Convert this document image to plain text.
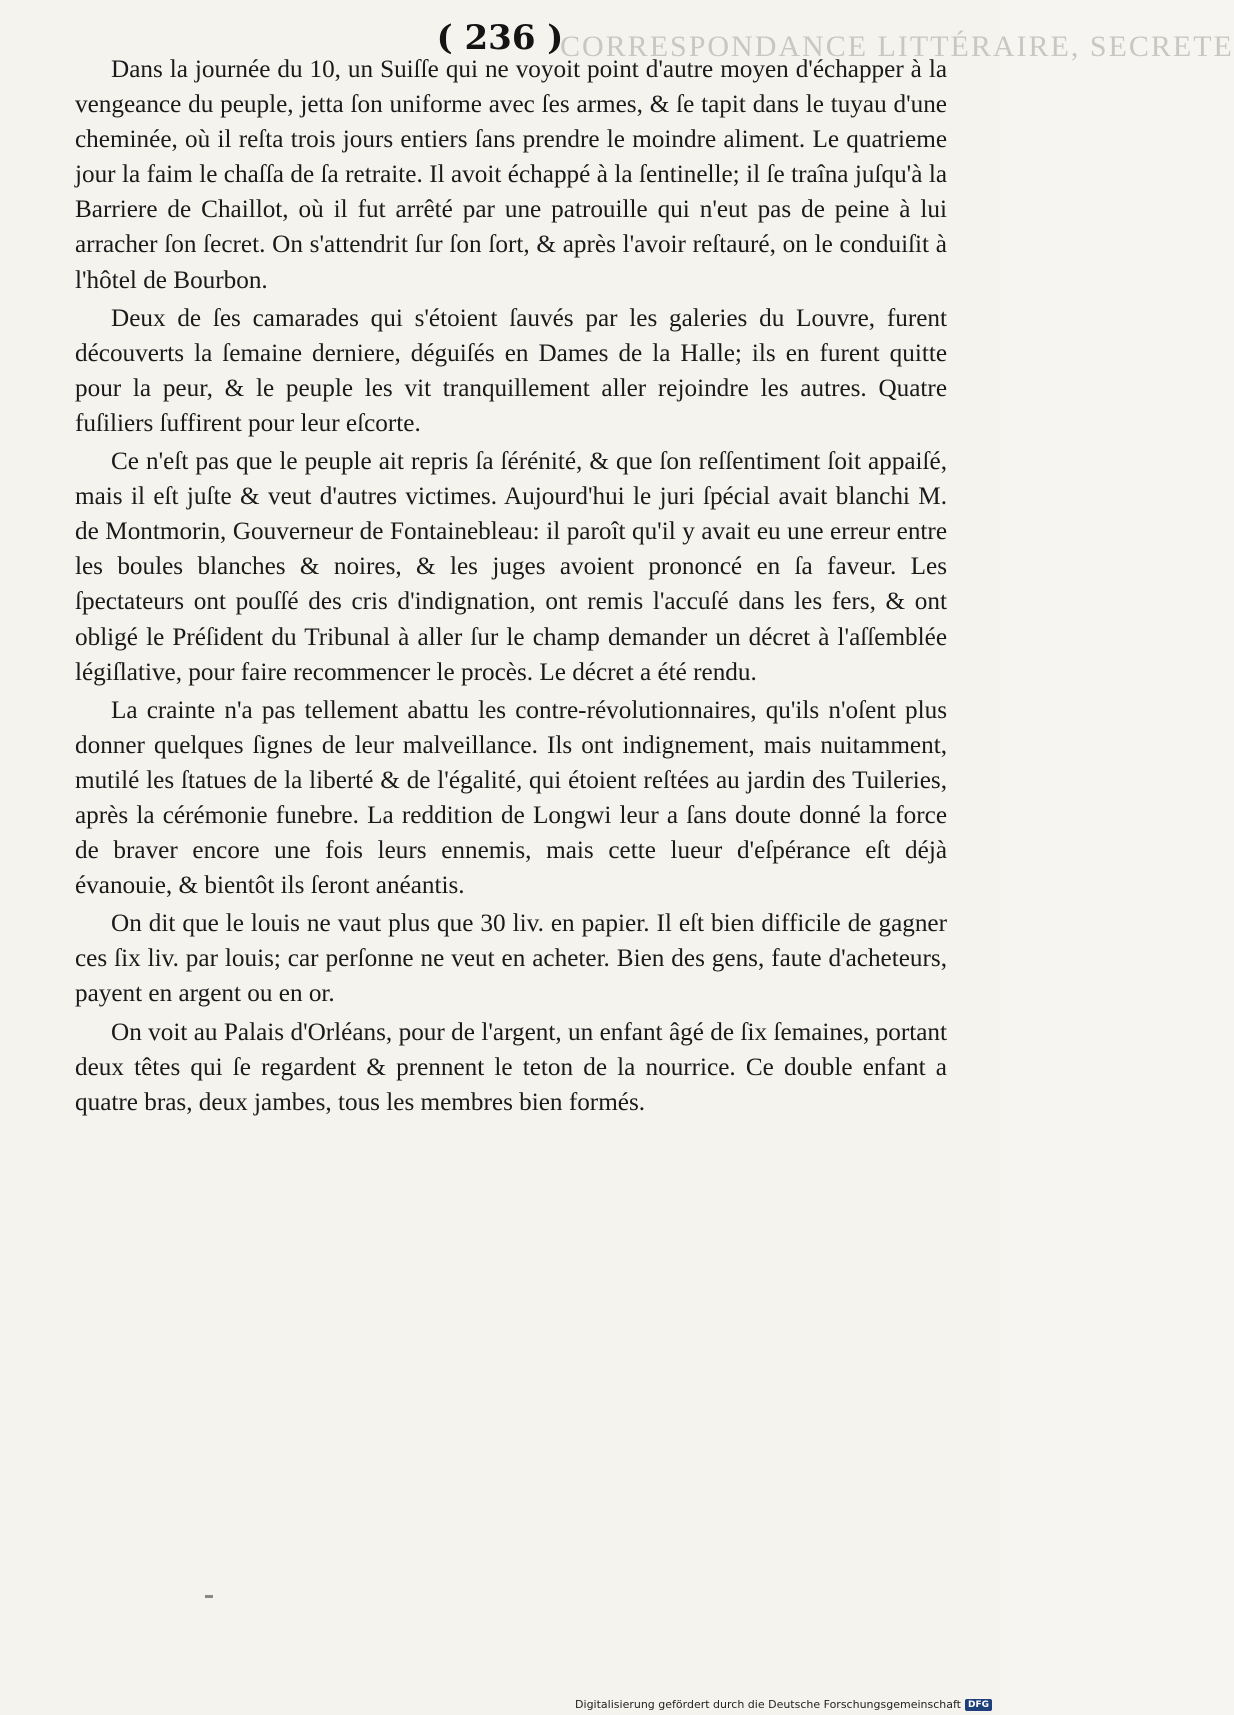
CORRESPONDANCE LITTÉRAIRE, SECRETE
( 236 )

Dans la journée du 10, un Suiſſe qui ne voyoit point d'autre moyen d'échapper à la vengeance du peuple, jetta ſon uniforme avec ſes armes, & ſe tapit dans le tuyau d'une cheminée, où il reſta trois jours entiers ſans prendre le moindre aliment. Le quatrieme jour la faim le chaſſa de ſa retraite. Il avoit échappé à la ſentinelle; il ſe traîna juſqu'à la Barriere de Chaillot, où il fut arrêté par une patrouille qui n'eut pas de peine à lui arracher ſon ſecret. On s'attendrit ſur ſon ſort, & après l'avoir reſtauré, on le conduiſit à l'hôtel de Bourbon.

Deux de ſes camarades qui s'étoient ſauvés par les galeries du Louvre, furent découverts la ſemaine derniere, déguiſés en Dames de la Halle; ils en furent quitte pour la peur, & le peuple les vit tranquillement aller rejoindre les autres. Quatre fuſiliers ſuffirent pour leur eſcorte.

Ce n'eſt pas que le peuple ait repris ſa ſérénité, & que ſon reſſentiment ſoit appaiſé, mais il eſt juſte & veut d'autres victimes. Aujourd'hui le juri ſpécial avait blanchi M. de Montmorin, Gouverneur de Fontainebleau: il paroît qu'il y avait eu une erreur entre les boules blanches & noires, & les juges avoient prononcé en ſa faveur. Les ſpectateurs ont pouſſé des cris d'indignation, ont remis l'accuſé dans les fers, & ont obligé le Préſident du Tribunal à aller ſur le champ demander un décret à l'aſſemblée légiſlative, pour faire recommencer le procès. Le décret a été rendu.

La crainte n'a pas tellement abattu les contre-révolutionnaires, qu'ils n'oſent plus donner quelques ſignes de leur malveillance. Ils ont indignement, mais nuitamment, mutilé les ſtatues de la liberté & de l'égalité, qui étoient reſtées au jardin des Tuileries, après la cérémonie funebre. La reddition de Longwi leur a ſans doute donné la force de braver encore une fois leurs ennemis, mais cette lueur d'eſpérance eſt déjà évanouie, & bientôt ils ſeront anéantis.

On dit que le louis ne vaut plus que 30 liv. en papier. Il eſt bien difficile de gagner ces ſix liv. par louis; car perſonne ne veut en acheter. Bien des gens, faute d'acheteurs, payent en argent ou en or.

On voit au Palais d'Orléans, pour de l'argent, un enfant âgé de ſix ſemaines, portant deux têtes qui ſe regardent & prennent le teton de la nourrice. Ce double enfant a quatre bras, deux jambes, tous les membres bien formés.

Digitalisierung gefördert durch die Deutsche Forschungsgemeinschaft DFG
